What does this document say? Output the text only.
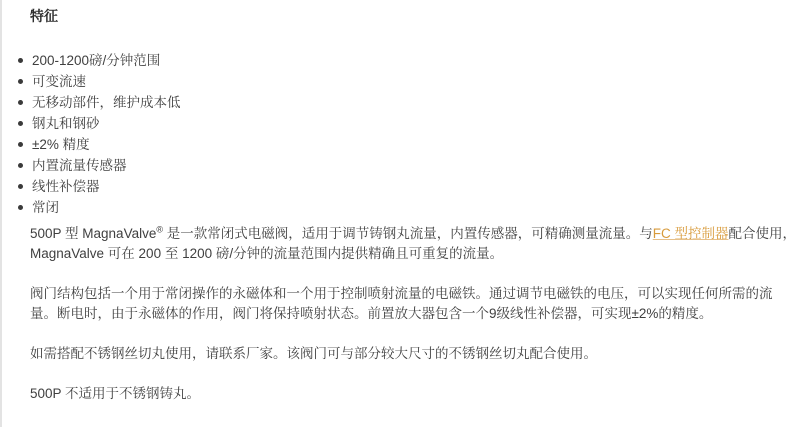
特征
200-1200磅/分钟范围
可变流速
无移动部件，维护成本低
钢丸和钢砂
±2% 精度
内置流量传感器
线性补偿器
常闭
500P 型 MagnaValve® 是一款常闭式电磁阀，适用于调节铸钢丸流量，内置传感器，可精确测量流量。与FC 型控制器配合使用，
MagnaValve 可在 200 至 1200 磅/分钟的流量范围内提供精确且可重复的流量。
阀门结构包括一个用于常闭操作的永磁体和一个用于控制喷射流量的电磁铁。通过调节电磁铁的电压，可以实现任何所需的流
量。断电时，由于永磁体的作用，阀门将保持喷射状态。前置放大器包含一个9级线性补偿器，可实现±2%的精度。
如需搭配不锈钢丝切丸使用，请联系厂家。该阀门可与部分较大尺寸的不锈钢丝切丸配合使用。
500P 不适用于不锈钢铸丸。
